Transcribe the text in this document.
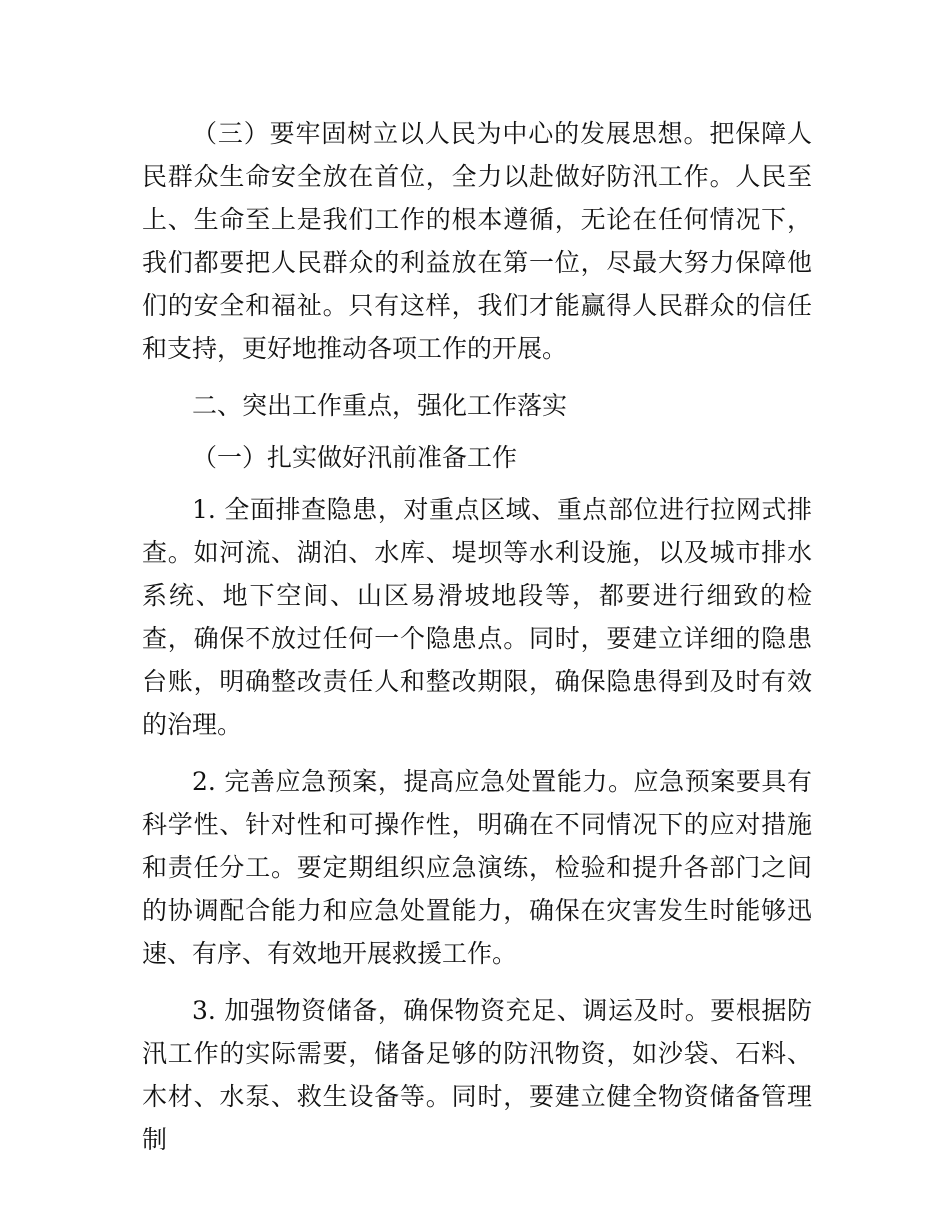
（三）要牢固树立以人民为中心的发展思想。把保障人民群众生命安全放在首位，全力以赴做好防汛工作。人民至上、生命至上是我们工作的根本遵循，无论在任何情况下，我们都要把人民群众的利益放在第一位，尽最大努力保障他们的安全和福祉。只有这样，我们才能赢得人民群众的信任和支持，更好地推动各项工作的开展。

二、突出工作重点，强化工作落实

（一）扎实做好汛前准备工作

1. 全面排查隐患，对重点区域、重点部位进行拉网式排查。如河流、湖泊、水库、堤坝等水利设施，以及城市排水系统、地下空间、山区易滑坡地段等，都要进行细致的检查，确保不放过任何一个隐患点。同时，要建立详细的隐患台账，明确整改责任人和整改期限，确保隐患得到及时有效的治理。

2. 完善应急预案，提高应急处置能力。应急预案要具有科学性、针对性和可操作性，明确在不同情况下的应对措施和责任分工。要定期组织应急演练，检验和提升各部门之间的协调配合能力和应急处置能力，确保在灾害发生时能够迅速、有序、有效地开展救援工作。

3. 加强物资储备，确保物资充足、调运及时。要根据防汛工作的实际需要，储备足够的防汛物资，如沙袋、石料、木材、水泵、救生设备等。同时，要建立健全物资储备管理制
